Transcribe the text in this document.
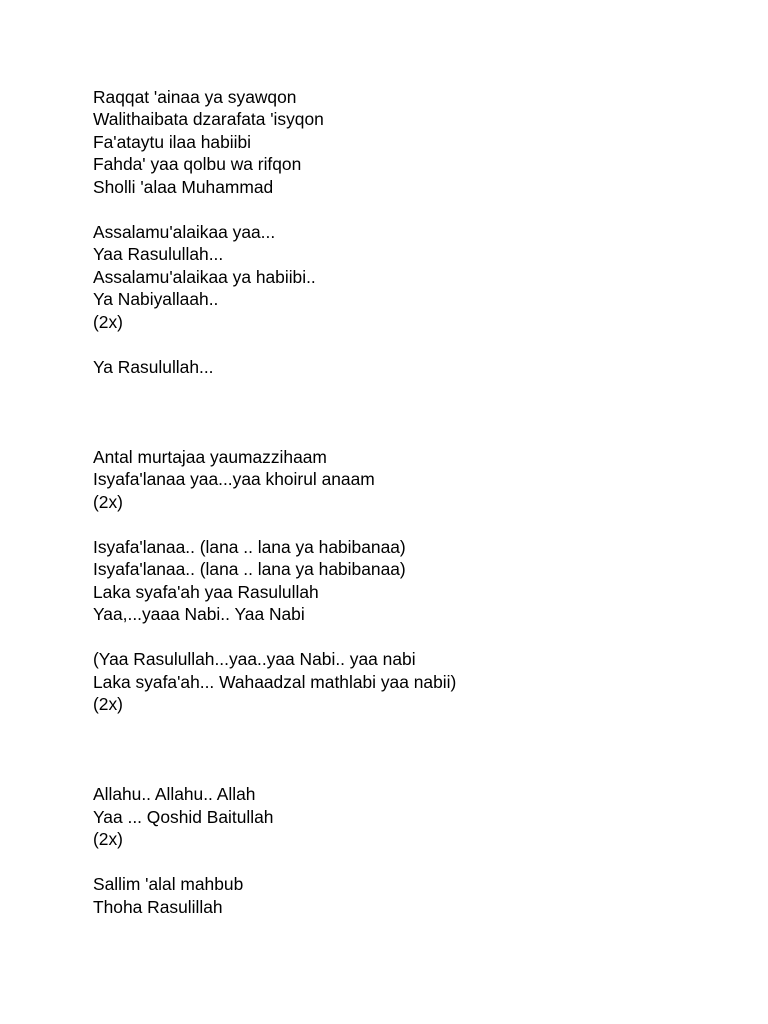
Raqqat 'ainaa ya syawqon

Walithaibata dzarafata 'isyqon

Fa'ataytu ilaa habiibi

Fahda' yaa qolbu wa rifqon

Sholli 'alaa Muhammad

Assalamu'alaikaa yaa...

Yaa Rasulullah...

Assalamu'alaikaa ya habiibi..

Ya Nabiyallaah..

(2x)

Ya Rasulullah...

Antal murtajaa yaumazzihaam

Isyafa'lanaa yaa...yaa khoirul anaam

(2x)

Isyafa'lanaa.. (lana .. lana ya habibanaa)

Isyafa'lanaa.. (lana .. lana ya habibanaa)

Laka syafa'ah yaa Rasulullah

Yaa,...yaaa Nabi.. Yaa Nabi

(Yaa Rasulullah...yaa..yaa Nabi.. yaa nabi

Laka syafa'ah... Wahaadzal mathlabi yaa nabii)

(2x)

Allahu.. Allahu.. Allah

Yaa ... Qoshid Baitullah

(2x)

Sallim 'alal mahbub

Thoha Rasulillah
